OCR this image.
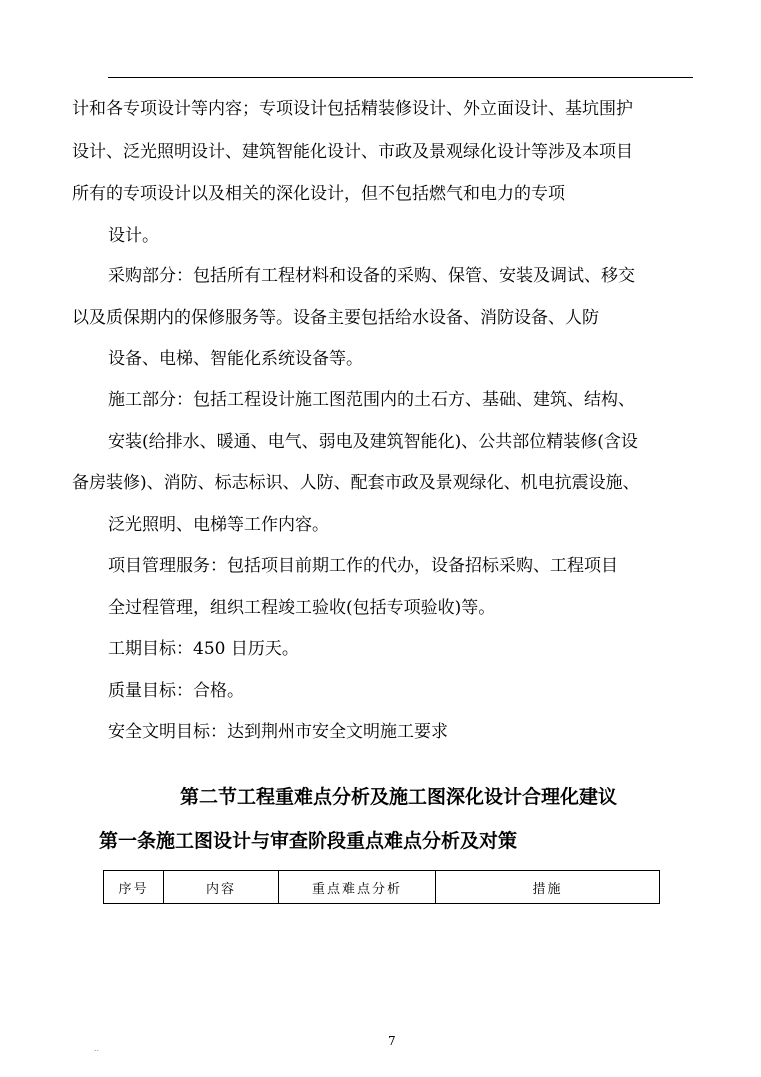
计和各专项设计等内容；专项设计包括精装修设计、外立面设计、基坑围护
设计、泛光照明设计、建筑智能化设计、市政及景观绿化设计等涉及本项目
所有的专项设计以及相关的深化设计，但不包括燃气和电力的专项
设计。
采购部分：包括所有工程材料和设备的采购、保管、安装及调试、移交
以及质保期内的保修服务等。设备主要包括给水设备、消防设备、人防
设备、电梯、智能化系统设备等。
施工部分：包括工程设计施工图范围内的土石方、基础、建筑、结构、
安装(给排水、暖通、电气、弱电及建筑智能化)、公共部位精装修(含设
备房装修)、消防、标志标识、人防、配套市政及景观绿化、机电抗震设施、
泛光照明、电梯等工作内容。
项目管理服务：包括项目前期工作的代办，设备招标采购、工程项目
全过程管理，组织工程竣工验收(包括专项验收)等。
工期目标：450 日历天。
质量目标：合格。
安全文明目标：达到荆州市安全文明施工要求
第二节工程重难点分析及施工图深化设计合理化建议
第一条施工图设计与审查阶段重点难点分析及对策
序号	内容	重点难点分析	措施
7
..
